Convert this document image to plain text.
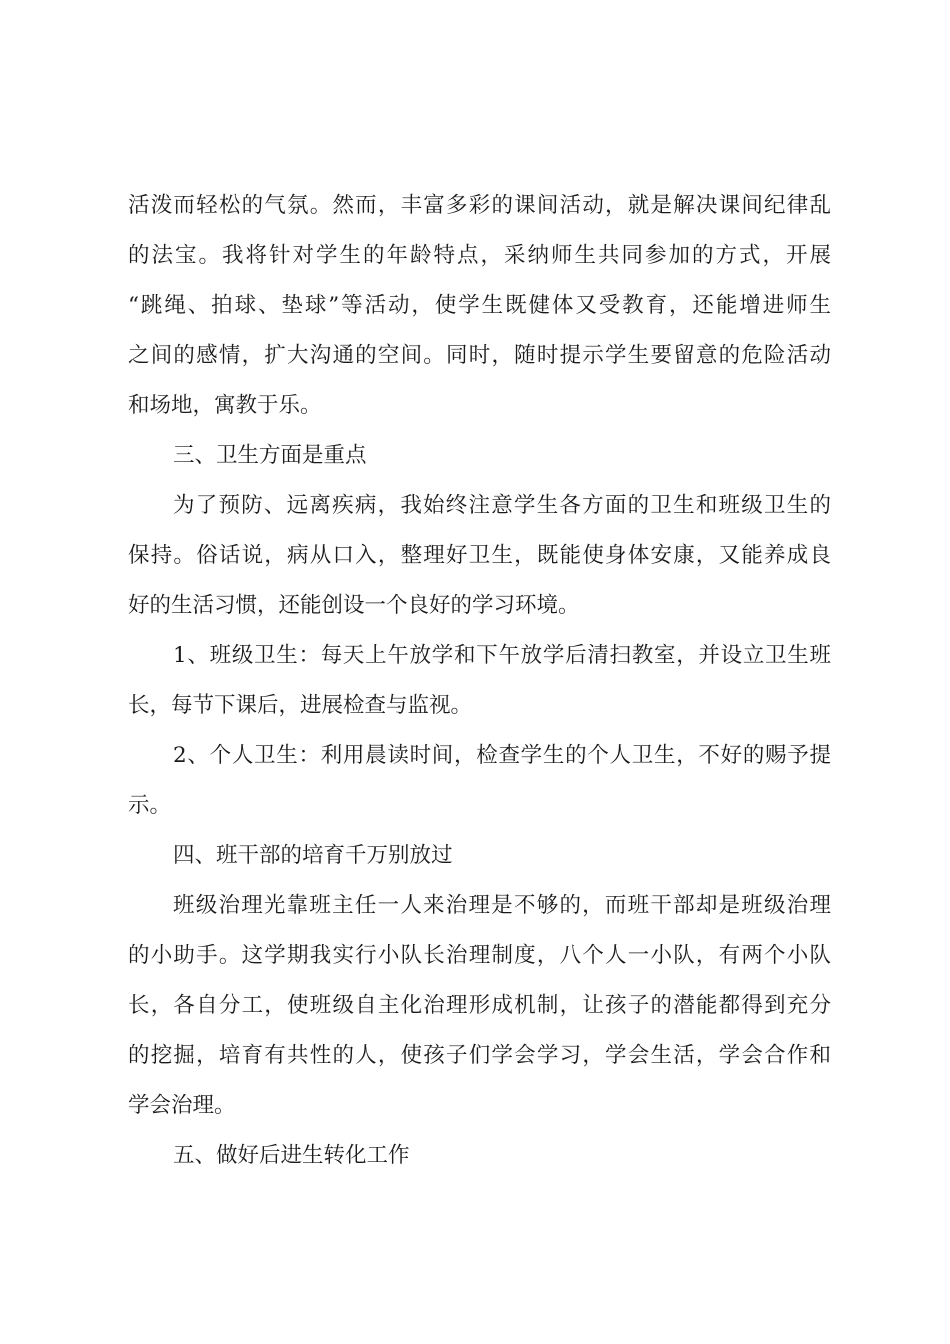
活泼而轻松的气氛。然而，丰富多彩的课间活动，就是解决课间纪律乱
的法宝。我将针对学生的年龄特点，采纳师生共同参加的方式，开展
“跳绳、拍球、垫球”等活动，使学生既健体又受教育，还能增进师生
之间的感情，扩大沟通的空间。同时，随时提示学生要留意的危险活动
和场地，寓教于乐。
三、卫生方面是重点
为了预防、远离疾病，我始终注意学生各方面的卫生和班级卫生的
保持。俗话说，病从口入，整理好卫生，既能使身体安康，又能养成良
好的生活习惯，还能创设一个良好的学习环境。
1、班级卫生：每天上午放学和下午放学后清扫教室，并设立卫生班
长，每节下课后，进展检查与监视。
2、个人卫生：利用晨读时间，检查学生的个人卫生，不好的赐予提
示。
四、班干部的培育千万别放过
班级治理光靠班主任一人来治理是不够的，而班干部却是班级治理
的小助手。这学期我实行小队长治理制度，八个人一小队，有两个小队
长，各自分工，使班级自主化治理形成机制，让孩子的潜能都得到充分
的挖掘，培育有共性的人，使孩子们学会学习，学会生活，学会合作和
学会治理。
五、做好后进生转化工作
